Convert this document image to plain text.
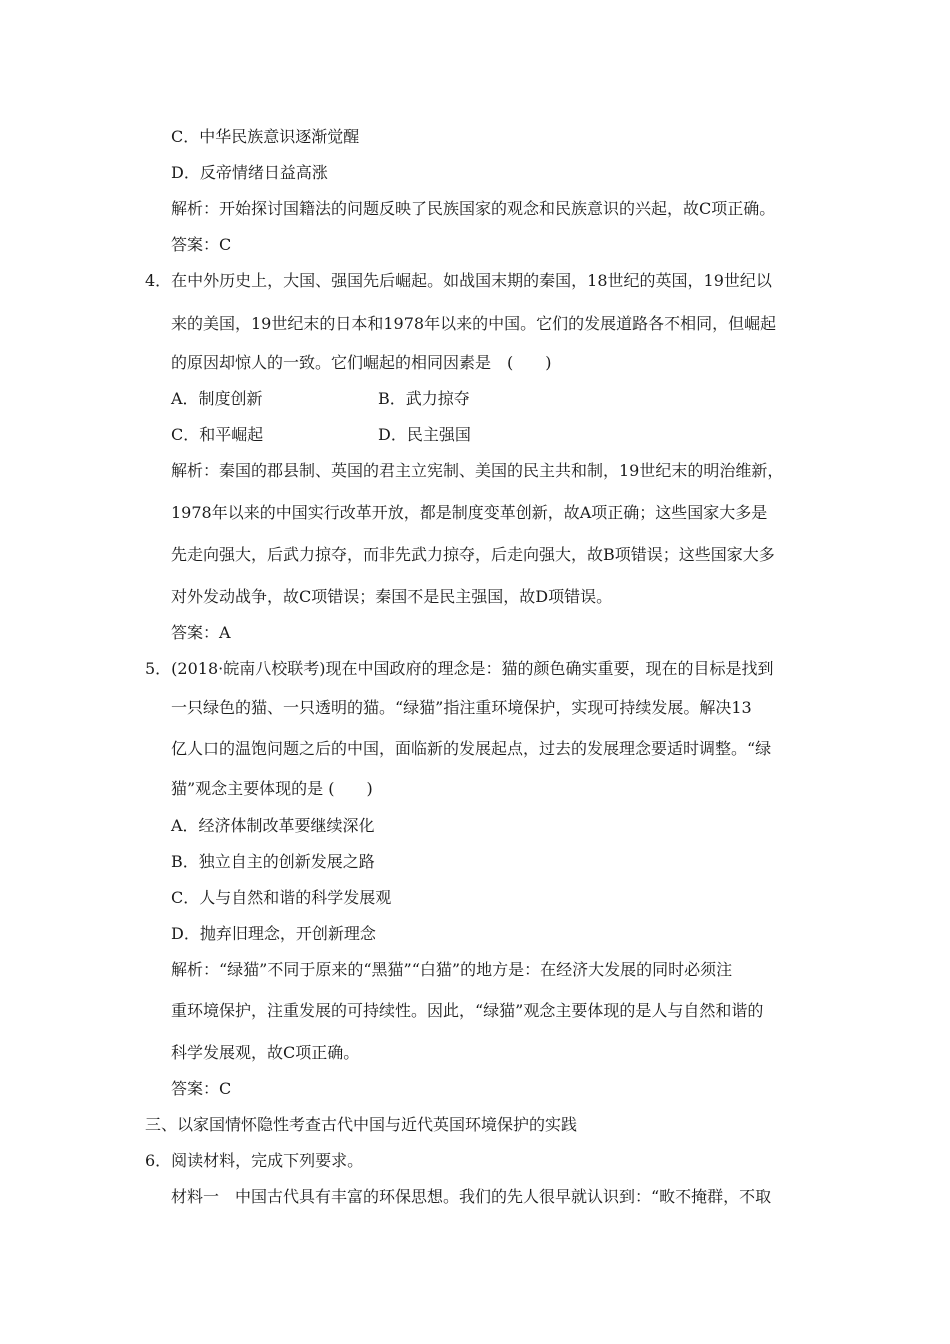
C．中华民族意识逐渐觉醒
D．反帝情绪日益高涨
解析：开始探讨国籍法的问题反映了民族国家的观念和民族意识的兴起，故C项正确。
答案：C
4．在中外历史上，大国、强国先后崛起。如战国末期的秦国，18世纪的英国，19世纪以
来的美国，19世纪末的日本和1978年以来的中国。它们的发展道路各不相同，但崛起
的原因却惊人的一致。它们崛起的相同因素是　(　　)
A．制度创新	B．武力掠夺
C．和平崛起	D．民主强国
解析：秦国的郡县制、英国的君主立宪制、美国的民主共和制，19世纪末的明治维新，
1978年以来的中国实行改革开放，都是制度变革创新，故A项正确；这些国家大多是
先走向强大，后武力掠夺，而非先武力掠夺，后走向强大，故B项错误；这些国家大多
对外发动战争，故C项错误；秦国不是民主强国，故D项错误。
答案：A
5．(2018·皖南八校联考)现在中国政府的理念是：猫的颜色确实重要，现在的目标是找到
一只绿色的猫、一只透明的猫。“绿猫”指注重环境保护，实现可持续发展。解决13
亿人口的温饱问题之后的中国，面临新的发展起点，过去的发展理念要适时调整。“绿
猫”观念主要体现的是 (　　)
A．经济体制改革要继续深化
B．独立自主的创新发展之路
C．人与自然和谐的科学发展观
D．抛弃旧理念，开创新理念
解析：“绿猫”不同于原来的“黑猫”“白猫”的地方是：在经济大发展的同时必须注
重环境保护，注重发展的可持续性。因此，“绿猫”观念主要体现的是人与自然和谐的
科学发展观，故C项正确。
答案：C
三、以家国情怀隐性考查古代中国与近代英国环境保护的实践
6．阅读材料，完成下列要求。
材料一　中国古代具有丰富的环保思想。我们的先人很早就认识到：“畋不掩群，不取
